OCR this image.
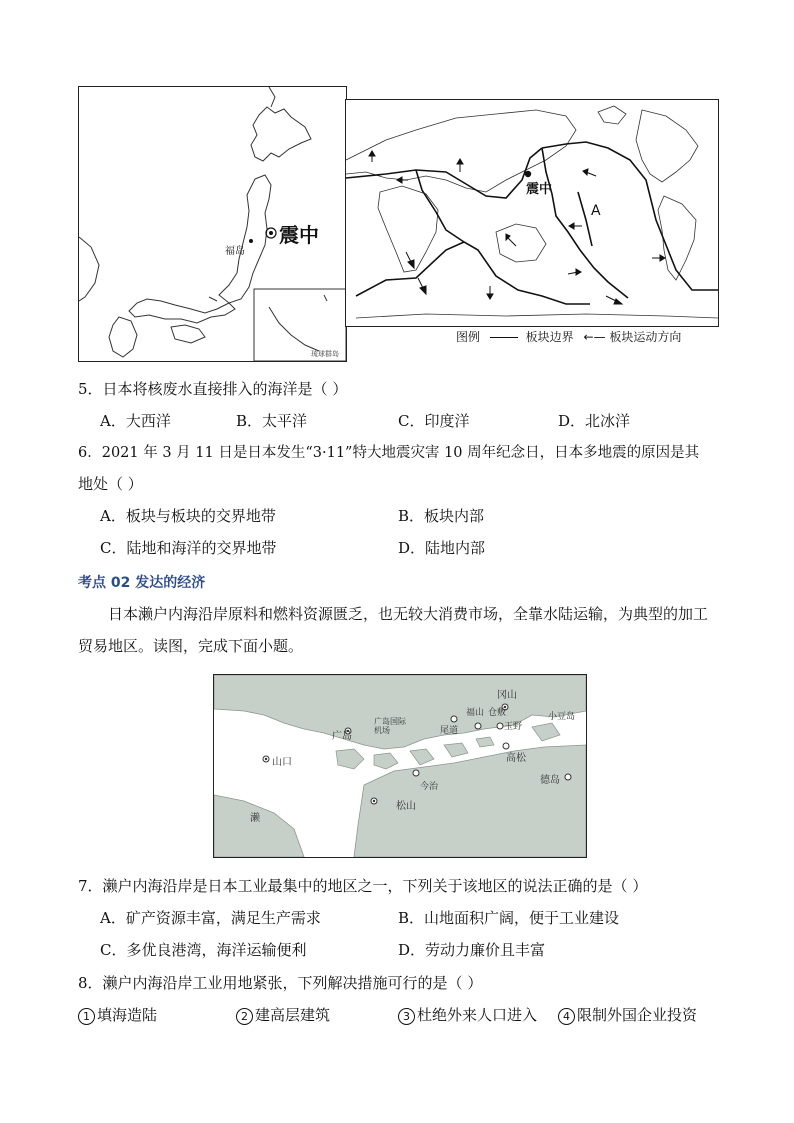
震中
福岛
琉球群岛
震中
A
图例	板块边界 ←— 板块运动方向
5．日本将核废水直接排入的海洋是（ ）
A．大西洋	B．太平洋	C．印度洋	D．北冰洋
6．2021 年 3 月 11 日是日本发生“3·11”特大地震灾害 10 周年纪念日，日本多地震的原因是其
地处（ ）
A．板块与板块的交界地带	B．板块内部
C．陆地和海洋的交界地带	D．陆地内部
考点 02 发达的经济
日本濑户内海沿岸原料和燃料资源匮乏，也无较大消费市场，全靠水陆运输，为典型的加工贸易地区。读图，完成下面小题。
冈山
福山 仓敷
玉野
广岛
广岛国际机场	尾道
山口	高松
今治
松山
德岛
小豆岛
濑
7．濑户内海沿岸是日本工业最集中的地区之一，下列关于该地区的说法正确的是（ ）
A．矿产资源丰富，满足生产需求	B．山地面积广阔，便于工业建设
C．多优良港湾，海洋运输便利	D．劳动力廉价且丰富
8．濑户内海沿岸工业用地紧张，下列解决措施可行的是（ ）
1 填海造陆	2 建高层建筑	3 杜绝外来人口进入	4 限制外国企业投资
